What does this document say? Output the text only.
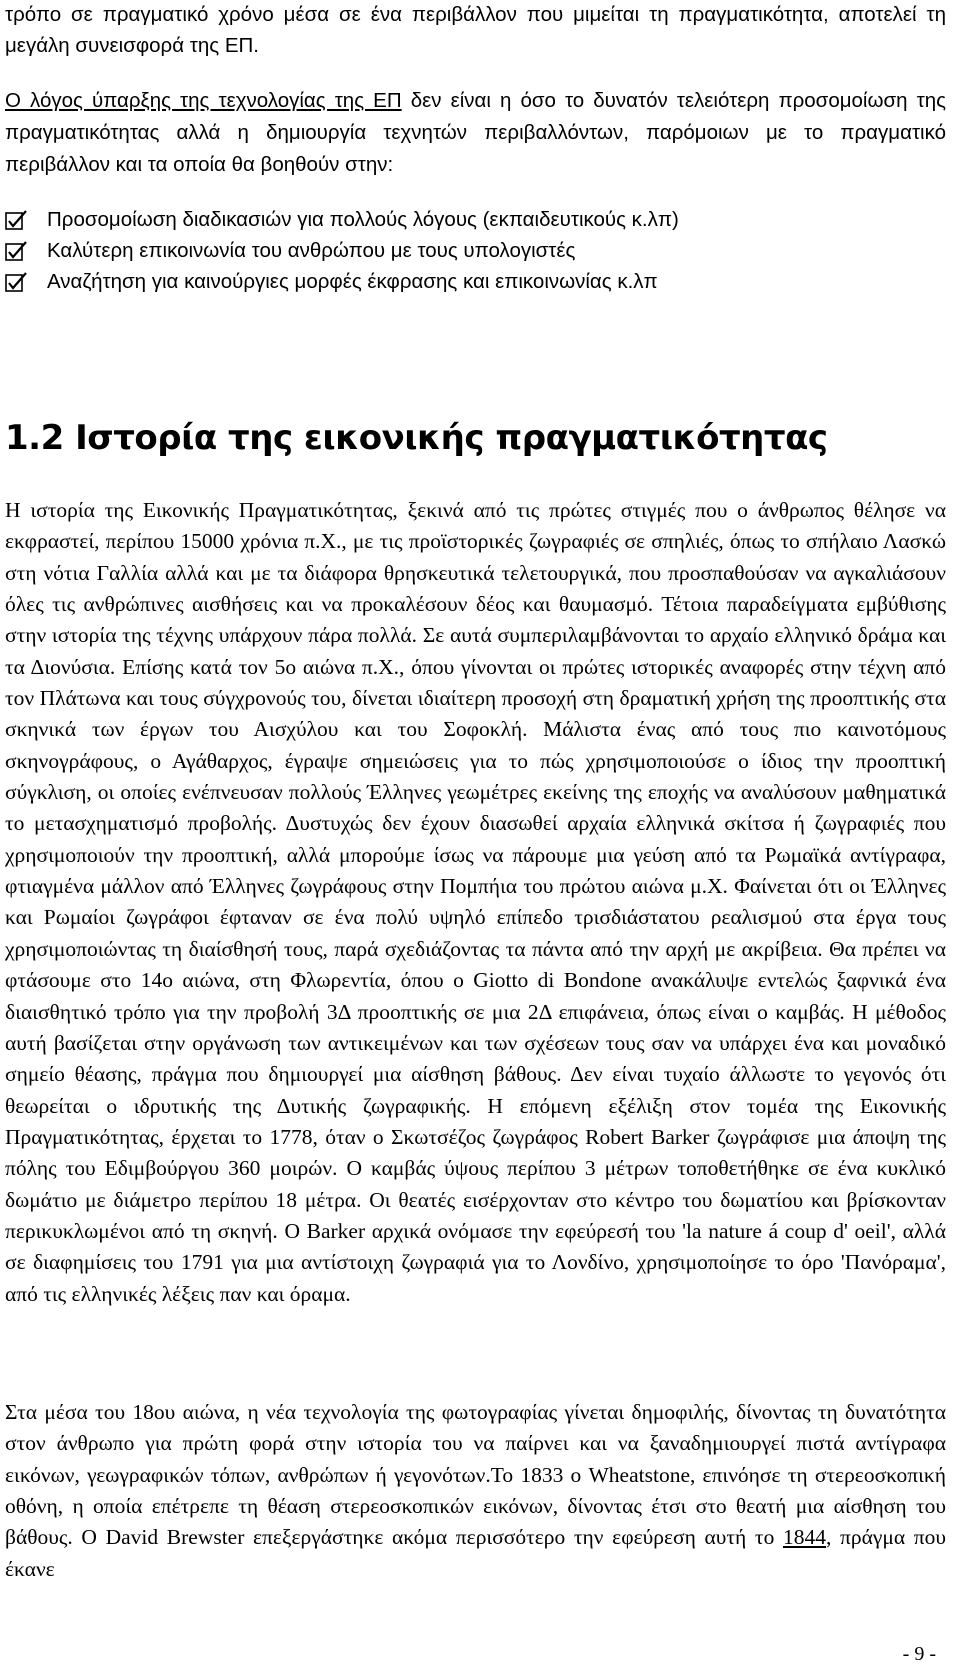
τρόπο σε πραγματικό χρόνο μέσα σε ένα περιβάλλον που μιμείται τη πραγματικότητα, αποτελεί τη μεγάλη συνεισφορά της ΕΠ.

Ο λόγος ύπαρξης της τεχνολογίας της ΕΠ δεν είναι η όσο το δυνατόν τελειότερη προσομοίωση της πραγματικότητας αλλά η δημιουργία τεχνητών περιβαλλόντων, παρόμοιων με το πραγματικό περιβάλλον και τα οποία θα βοηθούν στην:

Προσομοίωση διαδικασιών για πολλούς λόγους (εκπαιδευτικούς κ.λπ)
Καλύτερη επικοινωνία του ανθρώπου με τους υπολογιστές
Αναζήτηση για καινούργιες μορφές έκφρασης και επικοινωνίας κ.λπ
1.2 Ιστορία της εικονικής πραγματικότητας

Η ιστορία της Εικονικής Πραγματικότητας, ξεκινά από τις πρώτες στιγμές που ο άνθρωπος θέλησε να εκφραστεί, περίπου 15000 χρόνια π.Χ., με τις προϊστορικές ζωγραφιές σε σπηλιές, όπως το σπήλαιο Λασκώ στη νότια Γαλλία αλλά και με τα διάφορα θρησκευτικά τελετουργικά, που προσπαθούσαν να αγκαλιάσουν όλες τις ανθρώπινες αισθήσεις και να προκαλέσουν δέος και θαυμασμό. Τέτοια παραδείγματα εμβύθισης στην ιστορία της τέχνης υπάρχουν πάρα πολλά. Σε αυτά συμπεριλαμβάνονται το αρχαίο ελληνικό δράμα και τα Διονύσια. Επίσης κατά τον 5ο αιώνα π.Χ., όπου γίνονται οι πρώτες ιστορικές αναφορές στην τέχνη από τον Πλάτωνα και τους σύγχρονούς του, δίνεται ιδιαίτερη προσοχή στη δραματική χρήση της προοπτικής στα σκηνικά των έργων του Αισχύλου και του Σοφοκλή. Μάλιστα ένας από τους πιο καινοτόμους σκηνογράφους, ο Αγάθαρχος, έγραψε σημειώσεις για το πώς χρησιμοποιούσε ο ίδιος την προοπτική σύγκλιση, οι οποίες ενέπνευσαν πολλούς Έλληνες γεωμέτρες εκείνης της εποχής να αναλύσουν μαθηματικά το μετασχηματισμό προβολής. Δυστυχώς δεν έχουν διασωθεί αρχαία ελληνικά σκίτσα ή ζωγραφιές που χρησιμοποιούν την προοπτική, αλλά μπορούμε ίσως να πάρουμε μια γεύση από τα Ρωμαϊκά αντίγραφα, φτιαγμένα μάλλον από Έλληνες ζωγράφους στην Πομπήια του πρώτου αιώνα μ.Χ. Φαίνεται ότι οι Έλληνες και Ρωμαίοι ζωγράφοι έφταναν σε ένα πολύ υψηλό επίπεδο τρισδιάστατου ρεαλισμού στα έργα τους χρησιμοποιώντας τη διαίσθησή τους, παρά σχεδιάζοντας τα πάντα από την αρχή με ακρίβεια. Θα πρέπει να φτάσουμε στο 14ο αιώνα, στη Φλωρεντία, όπου ο Giotto di Bondone ανακάλυψε εντελώς ξαφνικά ένα διαισθητικό τρόπο για την προβολή 3Δ προοπτικής σε μια 2Δ επιφάνεια, όπως είναι ο καμβάς. Η μέθοδος αυτή βασίζεται στην οργάνωση των αντικειμένων και των σχέσεων τους σαν να υπάρχει ένα και μοναδικό σημείο θέασης, πράγμα που δημιουργεί μια αίσθηση βάθους. Δεν είναι τυχαίο άλλωστε το γεγονός ότι θεωρείται ο ιδρυτικής της Δυτικής ζωγραφικής. Η επόμενη εξέλιξη στον τομέα της Εικονικής Πραγματικότητας, έρχεται το 1778, όταν ο Σκωτσέζος ζωγράφος Robert Barker ζωγράφισε μια άποψη της πόλης του Εδιμβούργου 360 μοιρών. Ο καμβάς ύψους περίπου 3 μέτρων τοποθετήθηκε σε ένα κυκλικό δωμάτιο με διάμετρο περίπου 18 μέτρα. Οι θεατές εισέρχονταν στο κέντρο του δωματίου και βρίσκονταν περικυκλωμένοι από τη σκηνή. Ο Barker αρχικά ονόμασε την εφεύρεσή του 'la nature á coup d' oeil', αλλά σε διαφημίσεις του 1791 για μια αντίστοιχη ζωγραφιά για το Λονδίνο, χρησιμοποίησε το όρο 'Πανόραμα', από τις ελληνικές λέξεις παν και όραμα.

Στα μέσα του 18ου αιώνα, η νέα τεχνολογία της φωτογραφίας γίνεται δημοφιλής, δίνοντας τη δυνατότητα στον άνθρωπο για πρώτη φορά στην ιστορία του να παίρνει και να ξαναδημιουργεί πιστά αντίγραφα εικόνων, γεωγραφικών τόπων, ανθρώπων ή γεγονότων.Το 1833 ο Wheatstone, επινόησε τη στερεοσκοπική οθόνη, η οποία επέτρεπε τη θέαση στερεοσκοπικών εικόνων, δίνοντας έτσι στο θεατή μια αίσθηση του βάθους. Ο David Brewster επεξεργάστηκε ακόμα περισσότερο την εφεύρεση αυτή το 1844, πράγμα που έκανε

- 9 -
